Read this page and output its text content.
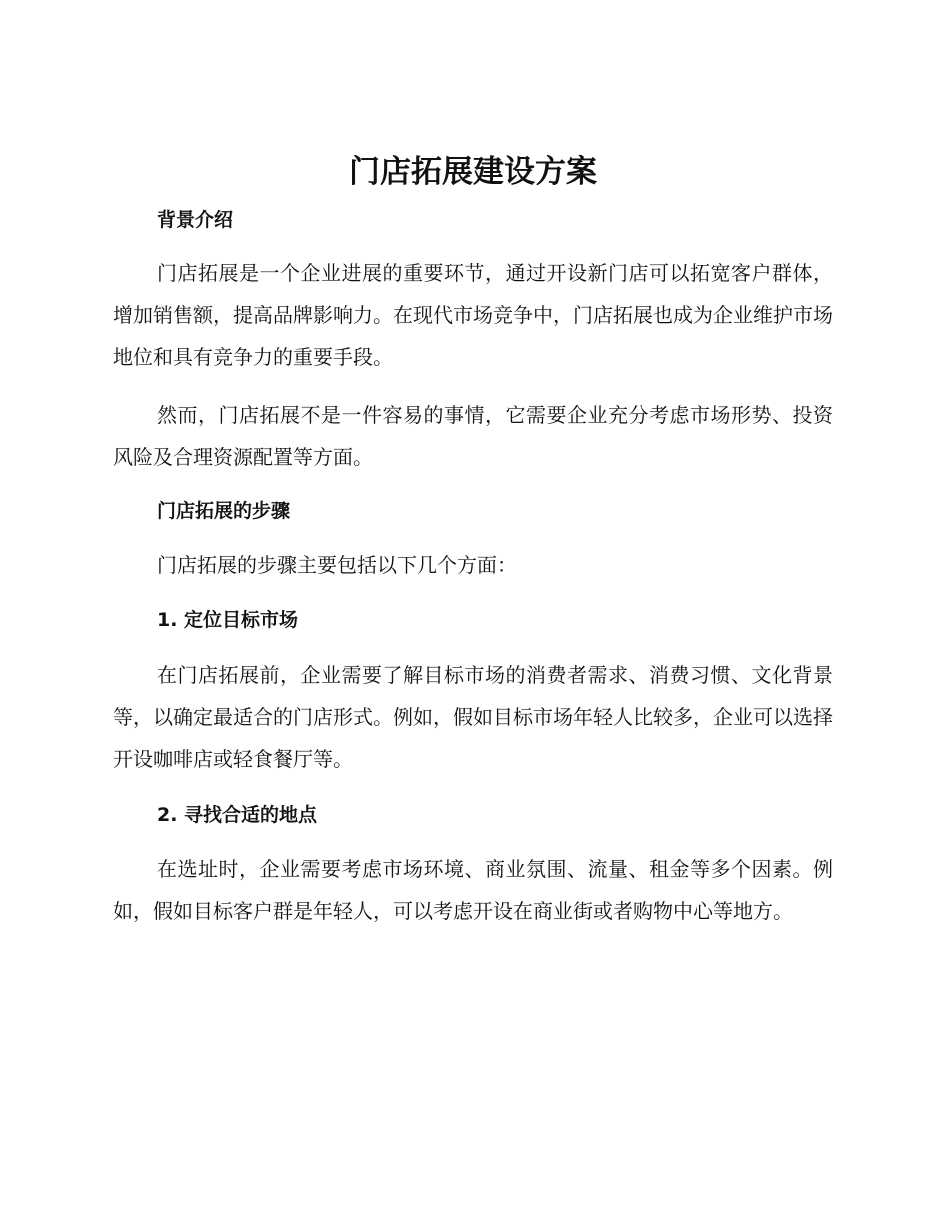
门店拓展建设方案
背景介绍

门店拓展是一个企业进展的重要环节，通过开设新门店可以拓宽客户群体，增加销售额，提高品牌影响力。在现代市场竞争中，门店拓展也成为企业维护市场地位和具有竞争力的重要手段。

然而，门店拓展不是一件容易的事情，它需要企业充分考虑市场形势、投资风险及合理资源配置等方面。

门店拓展的步骤

门店拓展的步骤主要包括以下几个方面：

1. 定位目标市场

在门店拓展前，企业需要了解目标市场的消费者需求、消费习惯、文化背景等，以确定最适合的门店形式。例如，假如目标市场年轻人比较多，企业可以选择开设咖啡店或轻食餐厅等。

2. 寻找合适的地点

在选址时，企业需要考虑市场环境、商业氛围、流量、租金等多个因素。例如，假如目标客户群是年轻人，可以考虑开设在商业街或者购物中心等地方。
